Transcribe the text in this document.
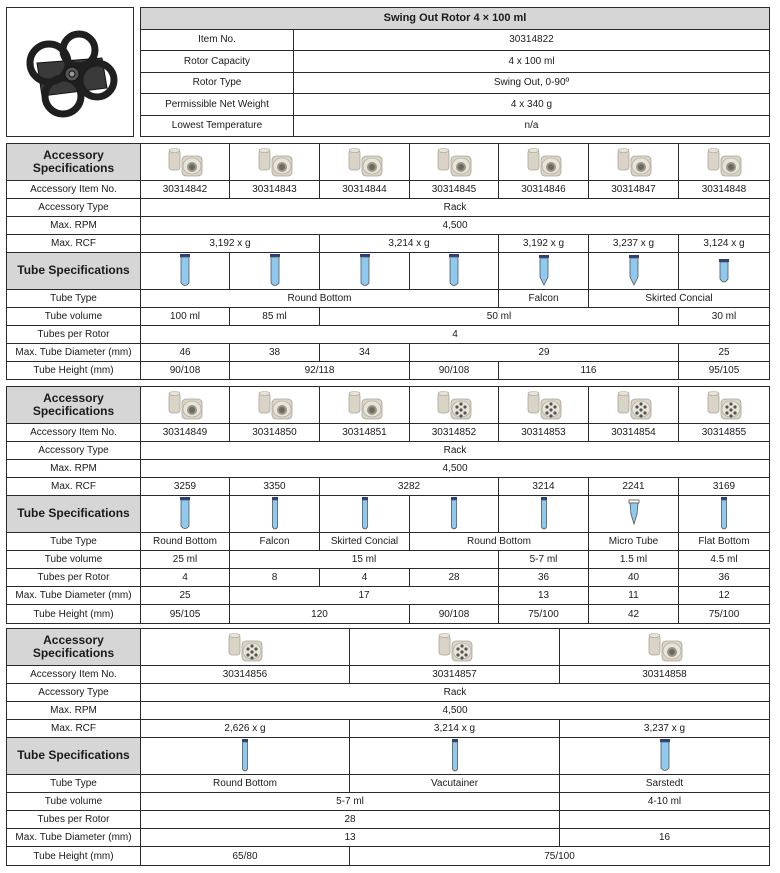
Swing Out Rotor 4 × 100 ml	
Item No.	30314822
Rotor Capacity	4 x 100 ml
Rotor Type	Swing Out, 0-90º
Permissible Net Weight	4 x 340 g
Lowest Temperature	n/a
Accessory Specifications	

Accessory Item No.	30314842	30314843	30314844	30314845	30314846	30314847	30314848
Accessory Type	Rack						
Max. RPM	4,500						
Max. RCF	3,192 x g		3,214 x g		3,192 x g	3,237 x g	3,124 x g
Tube Specifications	

Tube Type	Round Bottom				Falcon	Skirted Concial	
Tube volume	100 ml	85 ml	50 ml				30 ml
Tubes per Rotor	4						
Max. Tube Diameter (mm)	46	38	34	29			25
Tube Height (mm)	90/108	92/118		90/108	116		95/105
Accessory Specifications	

Accessory Item No.	30314849	30314850	30314851	30314852	30314853	30314854	30314855
Accessory Type	Rack						
Max. RPM	4,500						
Max. RCF	3259	3350	3282		3214	2241	3169
Tube Specifications	

Tube Type	Round Bottom	Falcon	Skirted Concial	Round Bottom		Micro Tube	Flat Bottom
Tube volume	25 ml	15 ml			5-7 ml	1.5 ml	4.5 ml
Tubes per Rotor	4	8	4	28	36	40	36
Max. Tube Diameter (mm)	25	17			13	11	12
Tube Height (mm)	95/105	120		90/108	75/100	42	75/100
Accessory Specifications	

Accessory Item No.	30314856	30314857	30314858
Accessory Type	Rack		
Max. RPM	4,500		
Max. RCF	2,626 x g	3,214 x g	3,237 x g
Tube Specifications	

Tube Type	Round Bottom	Vacutainer	Sarstedt
Tube volume	5-7 ml		4-10 ml
Tubes per Rotor	28		
Max. Tube Diameter (mm)	13		16
Tube Height (mm)	65/80	75/100	
